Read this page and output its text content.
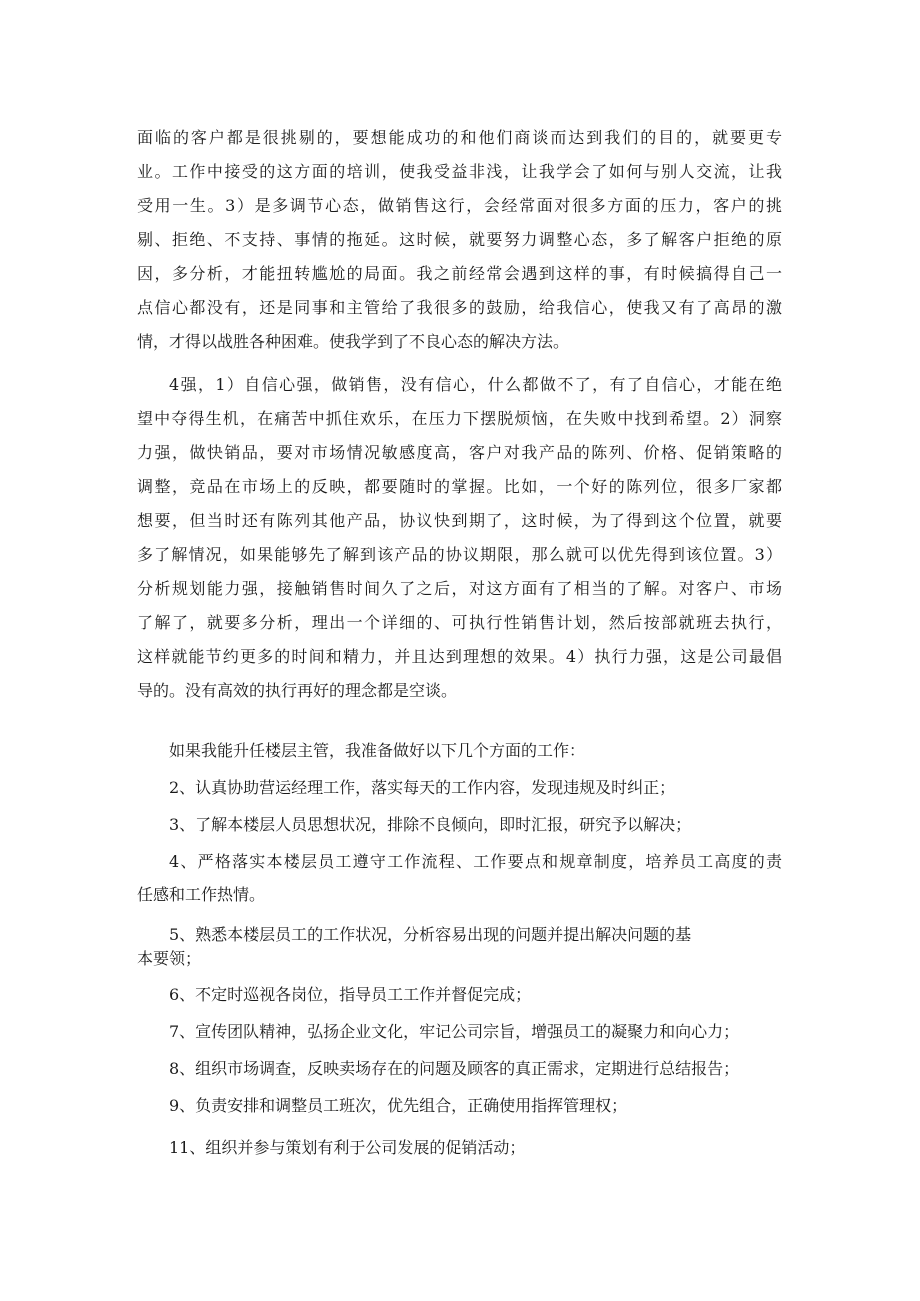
面临的客户都是很挑剔的，要想能成功的和他们商谈而达到我们的目的，就要更专
业。工作中接受的这方面的培训，使我受益非浅，让我学会了如何与别人交流，让我
受用一生。3）是多调节心态，做销售这行，会经常面对很多方面的压力，客户的挑
剔、拒绝、不支持、事情的拖延。这时候，就要努力调整心态，多了解客户拒绝的原
因，多分析，才能扭转尴尬的局面。我之前经常会遇到这样的事，有时候搞得自己一
点信心都没有，还是同事和主管给了我很多的鼓励，给我信心，使我又有了高昂的激
情，才得以战胜各种困难。使我学到了不良心态的解决方法。
4强，1）自信心强，做销售，没有信心，什么都做不了，有了自信心，才能在绝
望中夺得生机，在痛苦中抓住欢乐，在压力下摆脱烦恼，在失败中找到希望。2）洞察
力强，做快销品，要对市场情况敏感度高，客户对我产品的陈列、价格、促销策略的
调整，竞品在市场上的反映，都要随时的掌握。比如，一个好的陈列位，很多厂家都
想要，但当时还有陈列其他产品，协议快到期了，这时候，为了得到这个位置，就要
多了解情况，如果能够先了解到该产品的协议期限，那么就可以优先得到该位置。3）
分析规划能力强，接触销售时间久了之后，对这方面有了相当的了解。对客户、市场
了解了，就要多分析，理出一个详细的、可执行性销售计划，然后按部就班去执行，
这样就能节约更多的时间和精力，并且达到理想的效果。4）执行力强，这是公司最倡
导的。没有高效的执行再好的理念都是空谈。
如果我能升任楼层主管，我准备做好以下几个方面的工作：
2、认真协助营运经理工作，落实每天的工作内容，发现违规及时纠正；
3、了解本楼层人员思想状况，排除不良倾向，即时汇报，研究予以解决；
4、严格落实本楼层员工遵守工作流程、工作要点和规章制度，培养员工高度的责
任感和工作热情。
5、熟悉本楼层员工的工作状况，分析容易出现的问题并提出解决问题的基
本要领；
6、不定时巡视各岗位，指导员工工作并督促完成；
7、宣传团队精神，弘扬企业文化，牢记公司宗旨，增强员工的凝聚力和向心力；
8、组织市场调查，反映卖场存在的问题及顾客的真正需求，定期进行总结报告；
9、负责安排和调整员工班次，优先组合，正确使用指挥管理权；
11、组织并参与策划有利于公司发展的促销活动；
